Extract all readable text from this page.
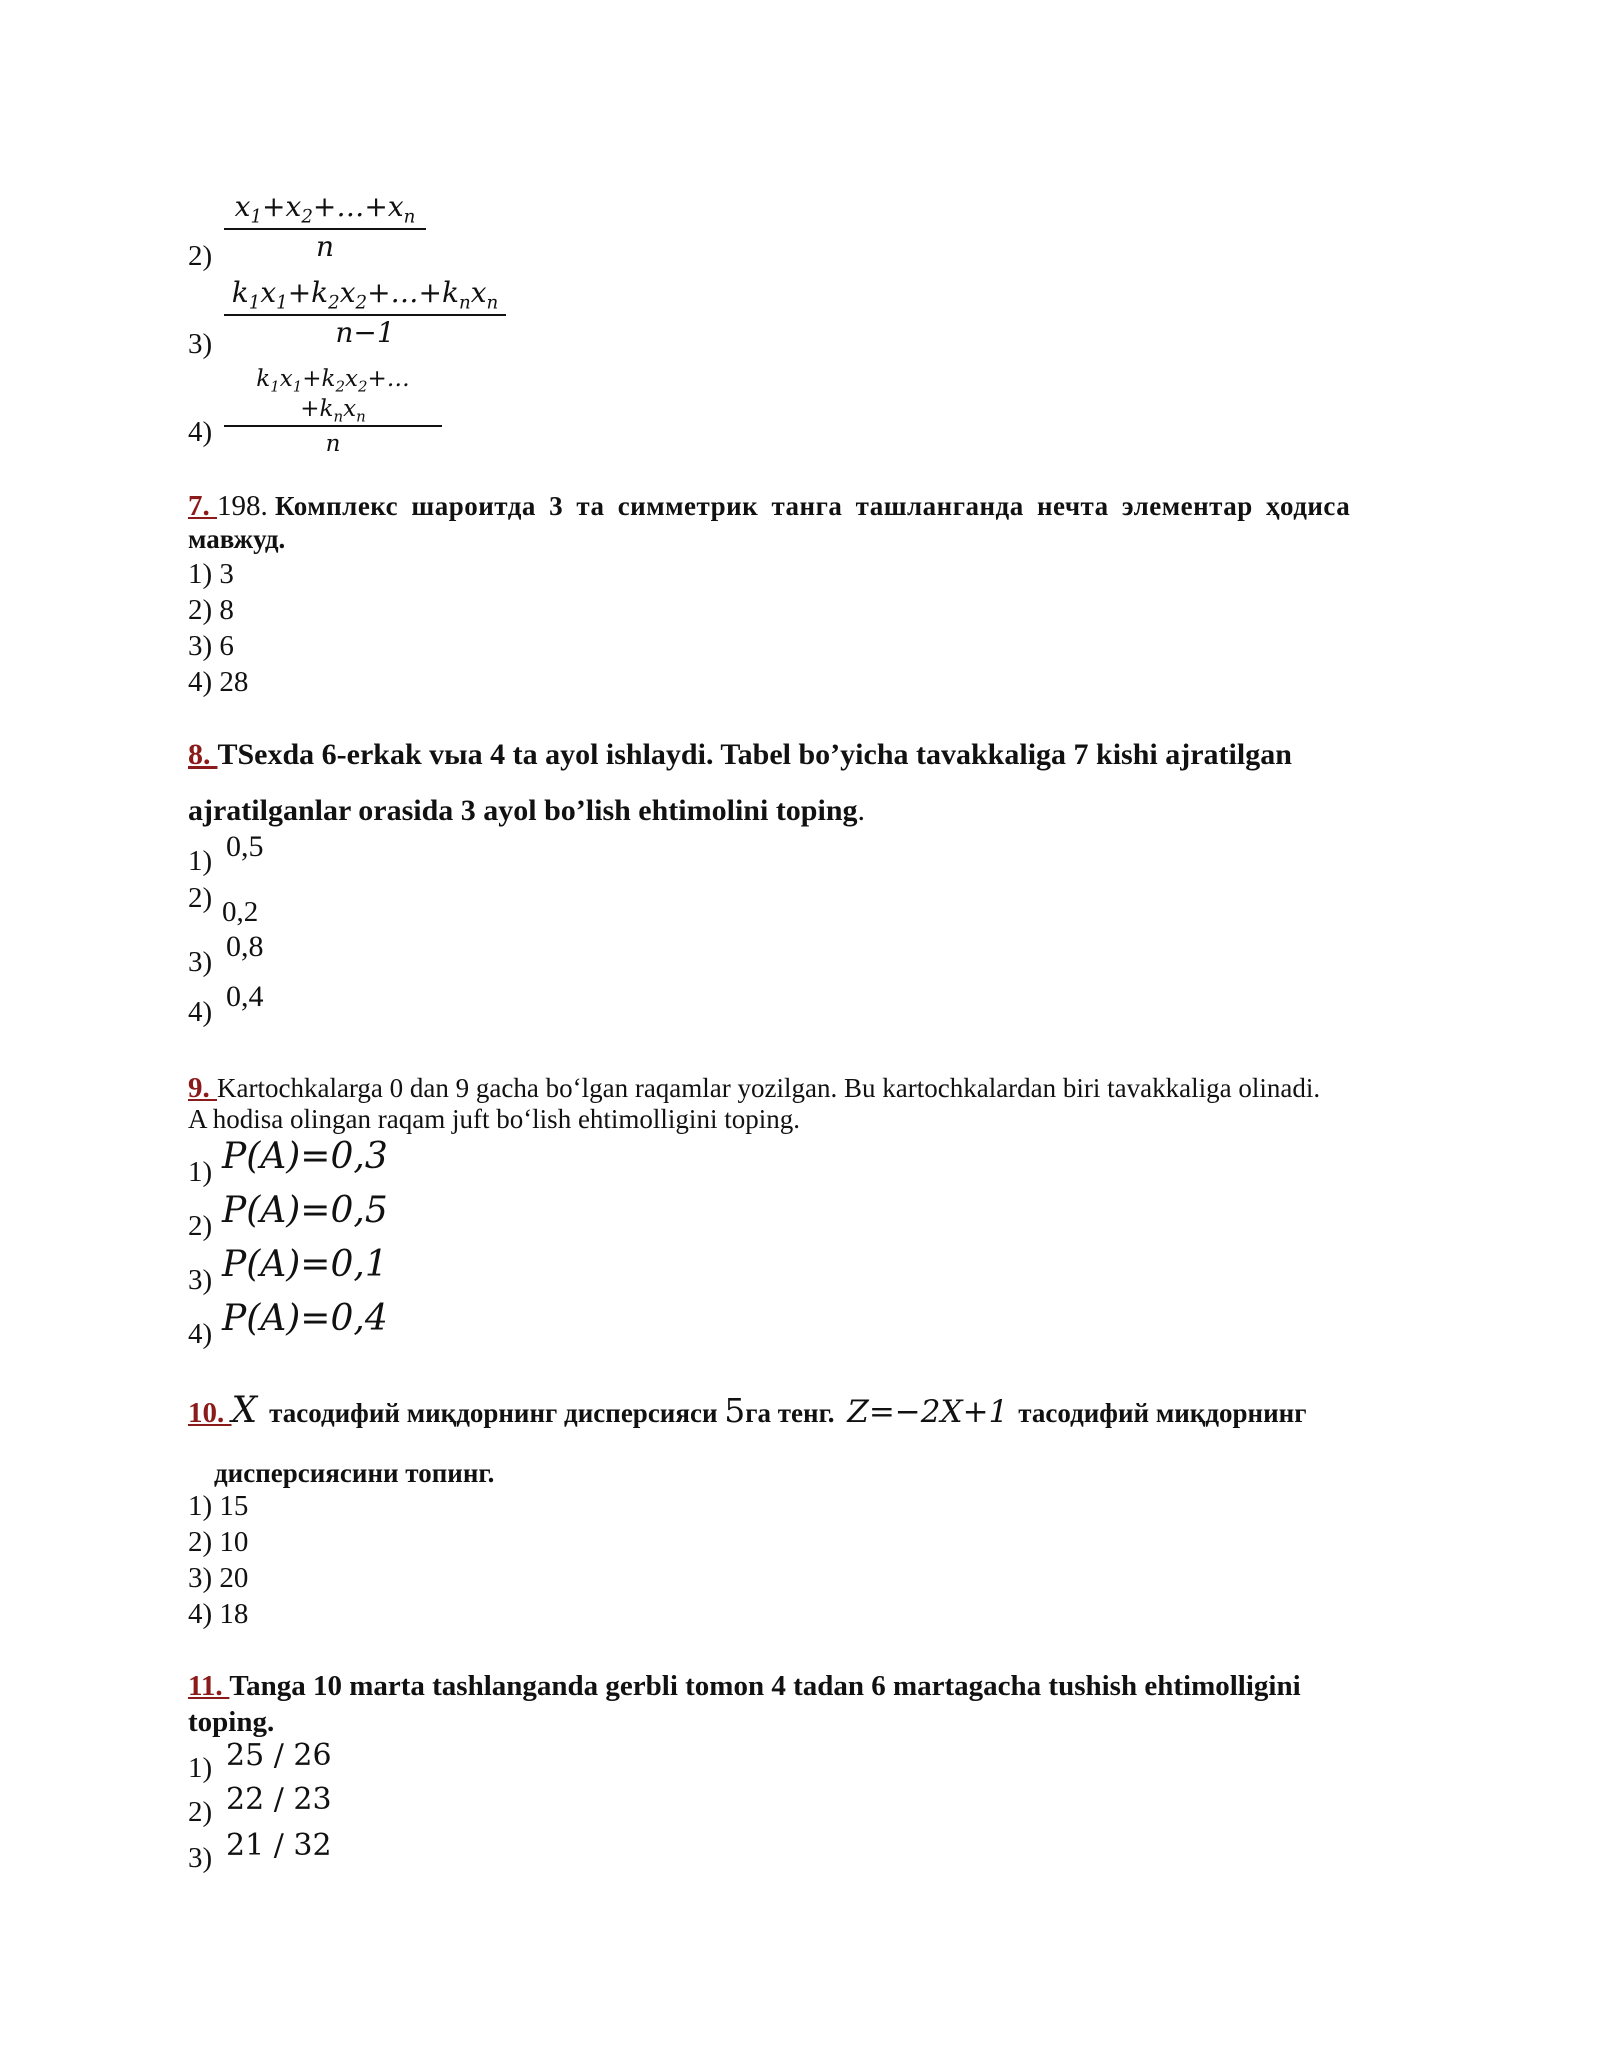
2)
$x_1+x_2+\dots+x_n$
n
3)
$k_1x_1+k_2x_2+\dots+k_nx_n$
n−1
4)
$k_1x_1+k_2x_2+\dots+k_nx_n$
n
7. 198. Комплекс шароитда 3 та симметрик танга ташланганда нечта элементар ҳодиса
мавжуд.
1) 3
2) 8
3) 6
4) 28
8. TSexda 6-erkak vыa 4 ta ayol ishlaydi. Tabel bo’yicha tavakkaliga 7 kishi ajratilgan
ajratilganlar orasida 3 ayol bo’lish ehtimolini toping.
1) 0,5
2) 0,2
3) 0,8
4) 0,4
9. Kartochkalarga 0 dan 9 gacha bo‘lgan raqamlar yozilgan. Bu kartochkalardan biri tavakkaliga olinadi.
A hodisa olingan raqam juft bo‘lish ehtimolligini toping.
1) P(A)=0,3
2) P(A)=0,5
3) P(A)=0,1
4) P(A)=0,4
10. X тасодифий миқдорнинг дисперсияси 5га тенг. Z=−2X+1 тасодифий миқдорнинг
дисперсиясини топинг.
1) 15
2) 10
3) 20
4) 18
11. Tanga 10 marta tashlanganda gerbli tomon 4 tadan 6 martagacha tushish ehtimolligini
toping.
1) 25 / 26
2) 22 / 23
3) 21 / 32
